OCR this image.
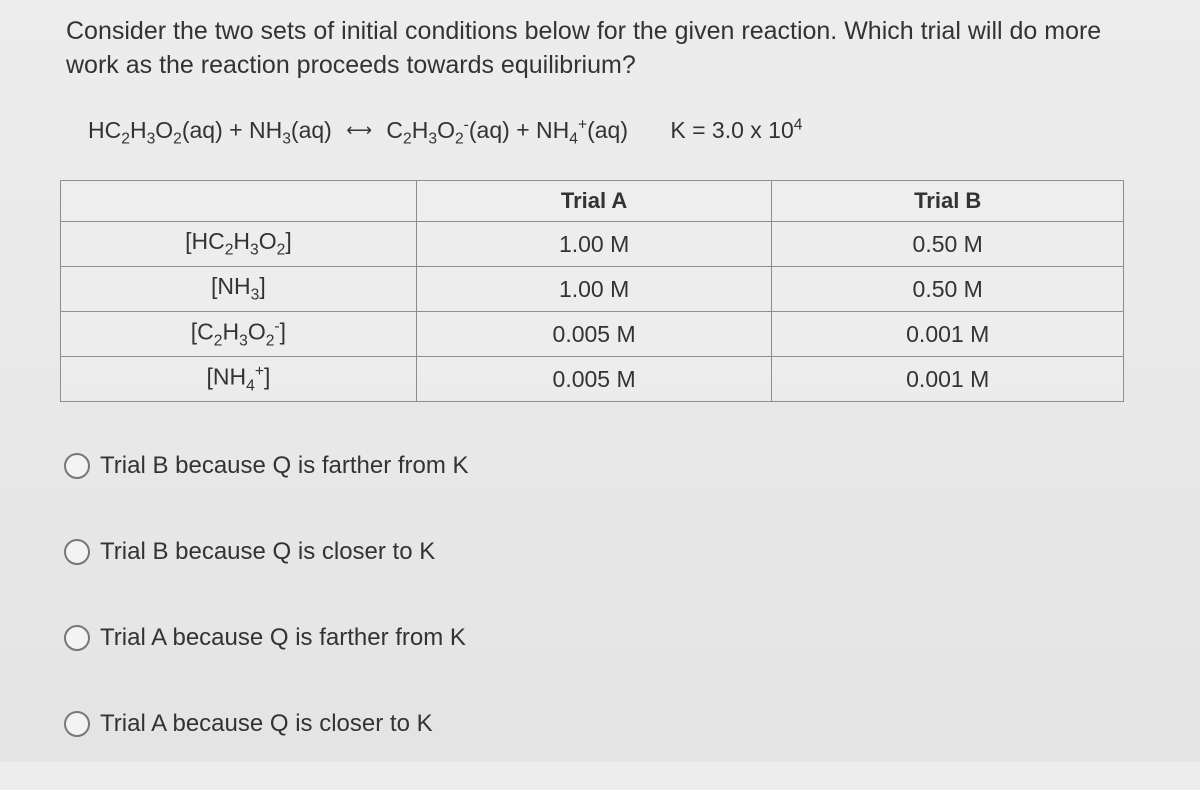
Consider the two sets of initial conditions below for the given reaction. Which trial will do more work as the reaction proceeds towards equilibrium?
$HC_2H_3O_2(aq) + NH_3(aq)$ ⟷ $C_2H_3O_2^-(aq) + NH_4^+(aq) K = 3.0$ x $10^4$
	Trial A	Trial B
$[HC_2H_3O_2]$	1.00 M	0.50 M
$[NH_3]$	1.00 M	0.50 M
$[C_2H_3O_2^-]$	0.005 M	0.001 M
$[NH_4^+]$	0.005 M	0.001 M
Trial B because Q is farther from K
Trial B because Q is closer to K
Trial A because Q is farther from K
Trial A because Q is closer to K
